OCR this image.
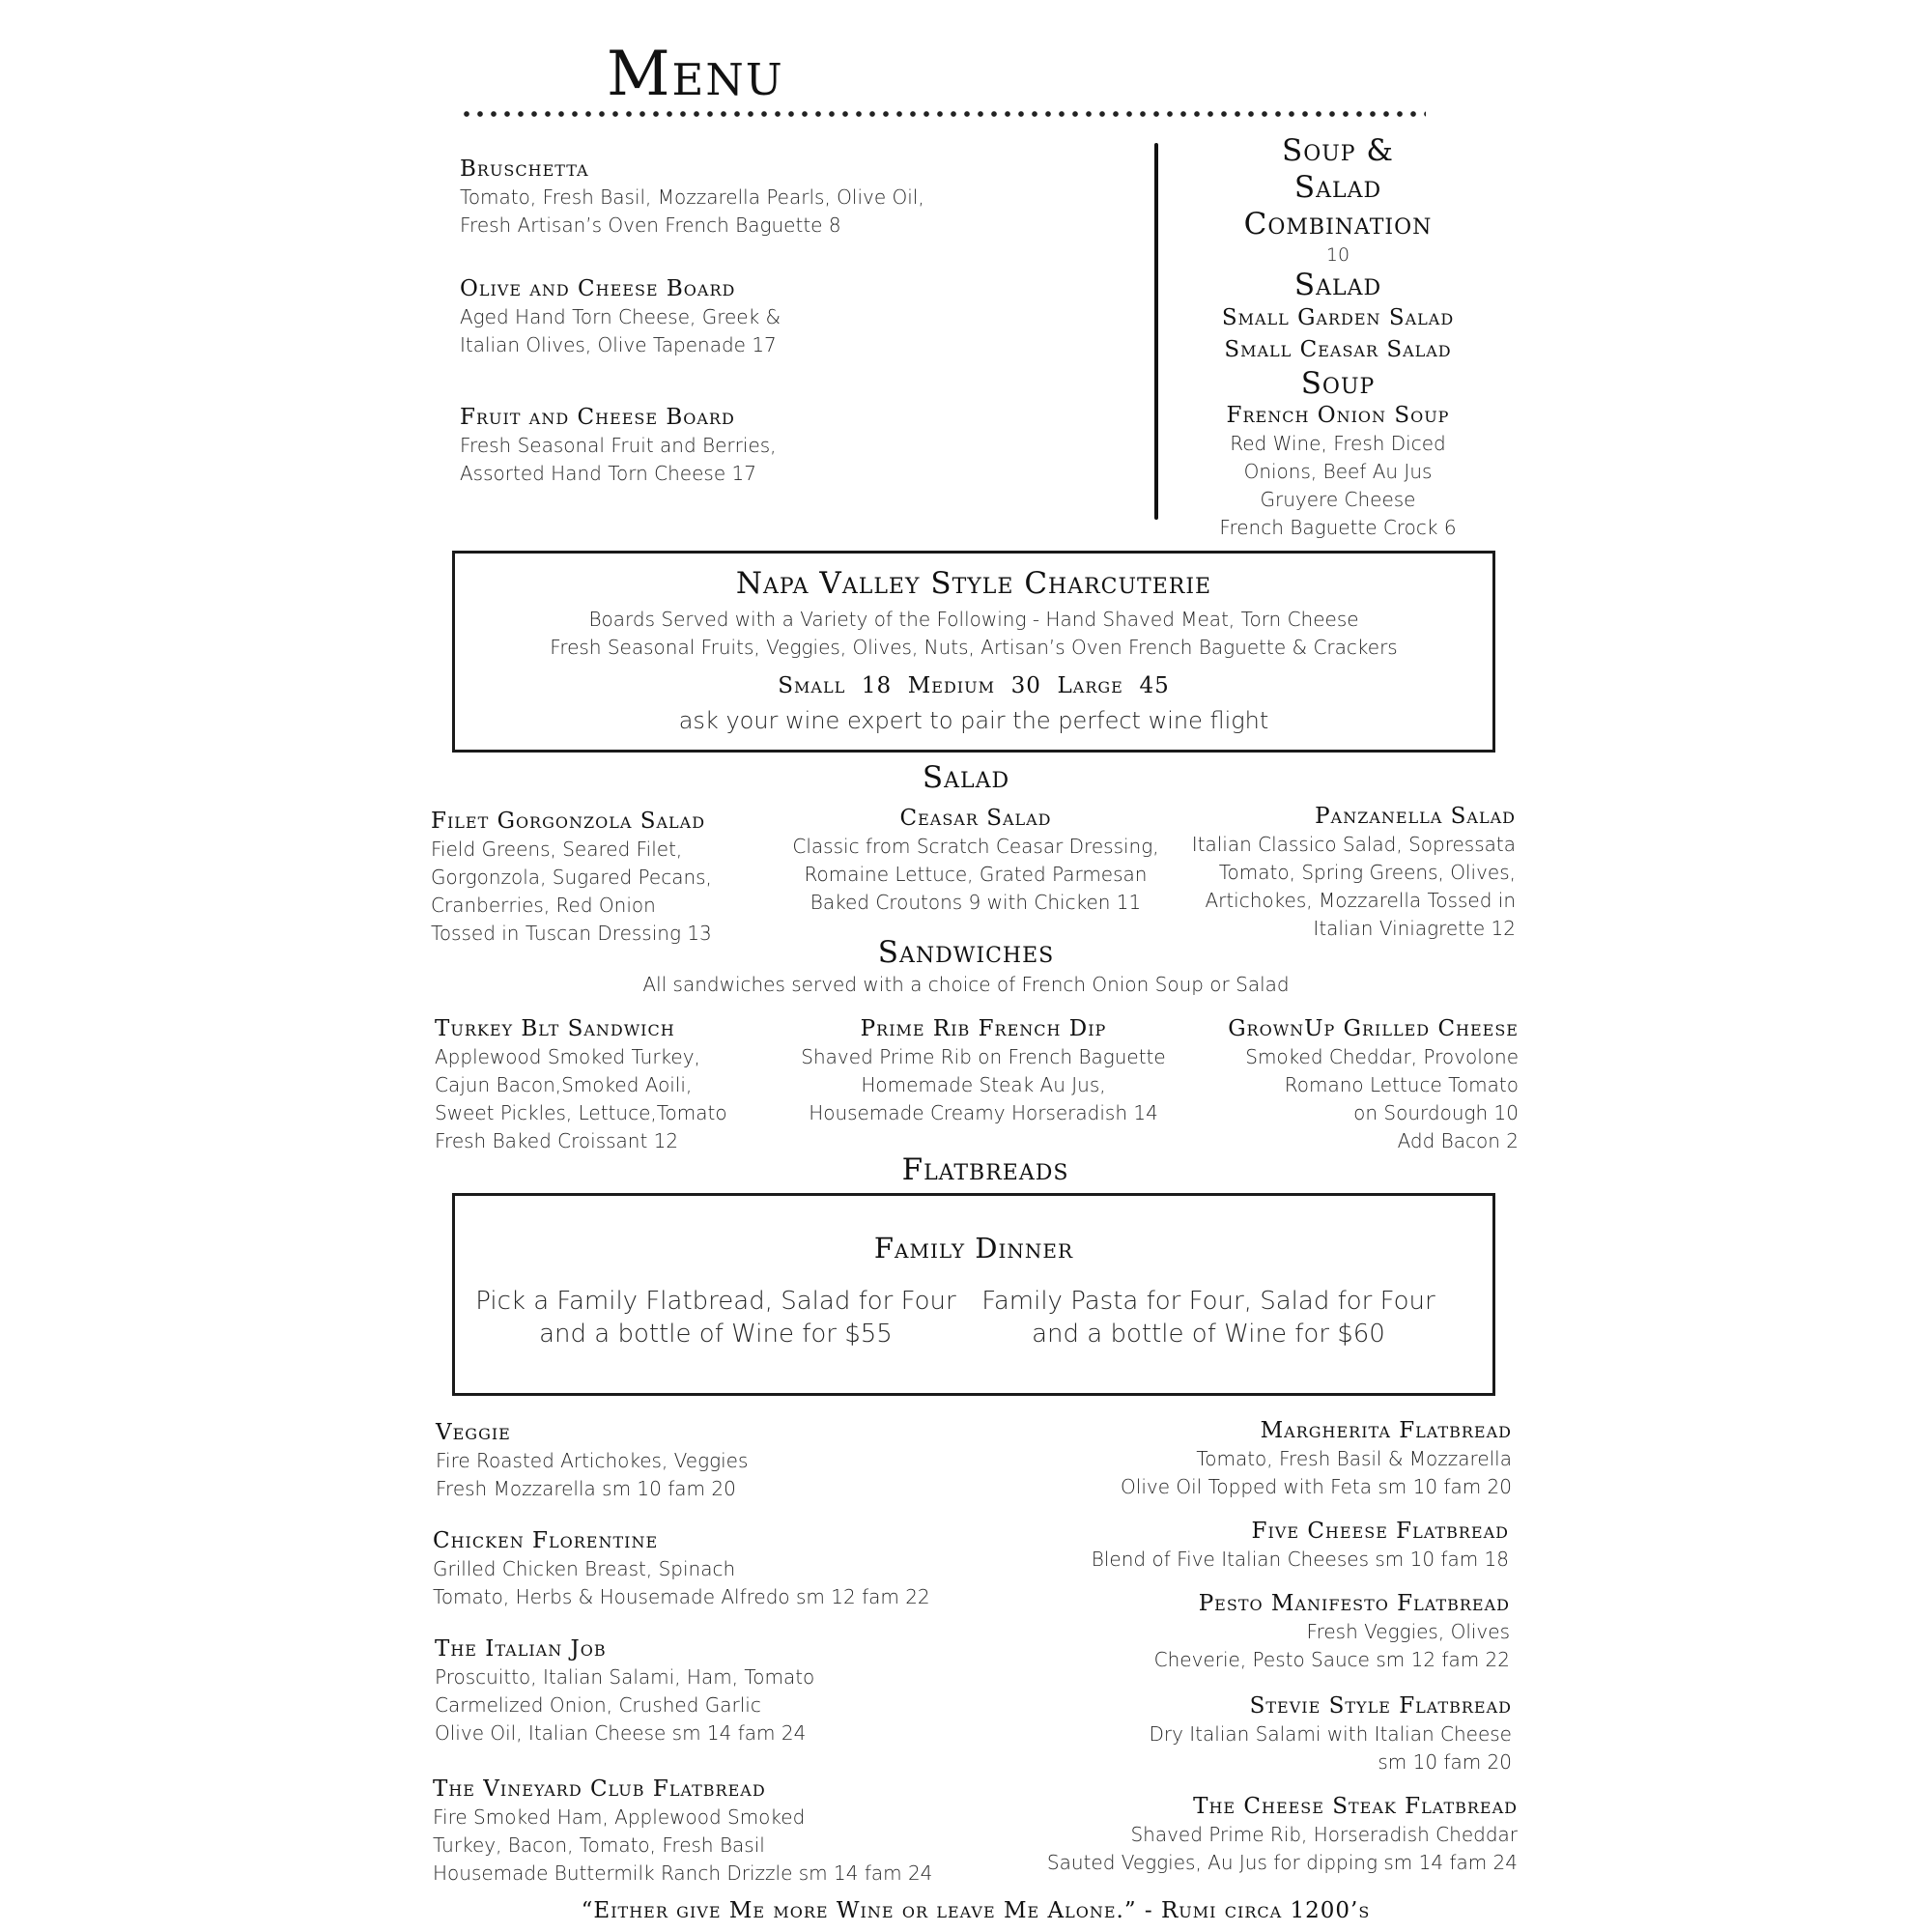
Menu
Bruschetta
Tomato, Fresh Basil, Mozzarella Pearls, Olive Oil,
Fresh Artisan’s Oven French Baguette 8
Olive and Cheese Board
Aged Hand Torn Cheese, Greek &
Italian Olives, Olive Tapenade 17
Fruit and Cheese Board
Fresh Seasonal Fruit and Berries,
Assorted Hand Torn Cheese 17
Soup &
Salad
Combination
10
Salad
Small Garden Salad
Small Ceasar Salad
Soup
French Onion Soup
Red Wine, Fresh Diced
Onions, Beef Au Jus
Gruyere Cheese
French Baguette Crock 6
Napa Valley Style Charcuterie
Boards Served with a Variety of the Following - Hand Shaved Meat, Torn Cheese
Fresh Seasonal Fruits, Veggies, Olives, Nuts, Artisan’s Oven French Baguette & Crackers
Small  18  Medium  30  Large  45
ask your wine expert to pair the perfect wine flight
Salad
Filet Gorgonzola Salad
Field Greens, Seared Filet,
Gorgonzola, Sugared Pecans,
Cranberries, Red Onion
Tossed in Tuscan Dressing 13
Ceasar Salad
Classic from Scratch Ceasar Dressing,
Romaine Lettuce, Grated Parmesan
Baked Croutons 9 with Chicken 11
Panzanella Salad
Italian Classico Salad, Sopressata
Tomato, Spring Greens, Olives,
Artichokes, Mozzarella Tossed in
Italian Viniagrette 12
Sandwiches
All sandwiches served with a choice of French Onion Soup or Salad
Turkey Blt Sandwich
Applewood Smoked Turkey,
Cajun Bacon,Smoked Aoili,
Sweet Pickles, Lettuce,Tomato
Fresh Baked Croissant 12
Prime Rib French Dip
Shaved Prime Rib on French Baguette
Homemade Steak Au Jus,
Housemade Creamy Horseradish 14
GrownUp Grilled Cheese
Smoked Cheddar, Provolone
Romano Lettuce Tomato
on Sourdough 10
Add Bacon 2
Flatbreads
Family Dinner
Pick a Family Flatbread, Salad for Four
and a bottle of Wine for $55
Family Pasta for Four, Salad for Four
and a bottle of Wine for $60
Veggie
Fire Roasted Artichokes, Veggies
Fresh Mozzarella sm 10 fam 20
Chicken Florentine
Grilled Chicken Breast, Spinach
Tomato, Herbs & Housemade Alfredo sm 12 fam 22
The Italian Job
Proscuitto, Italian Salami, Ham, Tomato
Carmelized Onion, Crushed Garlic
Olive Oil, Italian Cheese sm 14 fam 24
The Vineyard Club Flatbread
Fire Smoked Ham, Applewood Smoked
Turkey, Bacon, Tomato, Fresh Basil
Housemade Buttermilk Ranch Drizzle sm 14 fam 24
Margherita Flatbread
Tomato, Fresh Basil & Mozzarella
Olive Oil Topped with Feta sm 10 fam 20
Five Cheese Flatbread
Blend of Five Italian Cheeses sm 10 fam 18
Pesto Manifesto Flatbread
Fresh Veggies, Olives
Cheverie, Pesto Sauce sm 12 fam 22
Stevie Style Flatbread
Dry Italian Salami with Italian Cheese
sm 10 fam 20
The Cheese Steak Flatbread
Shaved Prime Rib, Horseradish Cheddar
Sauted Veggies, Au Jus for dipping sm 14 fam 24
“Either give Me more Wine or leave Me Alone.” - Rumi circa 1200’s
